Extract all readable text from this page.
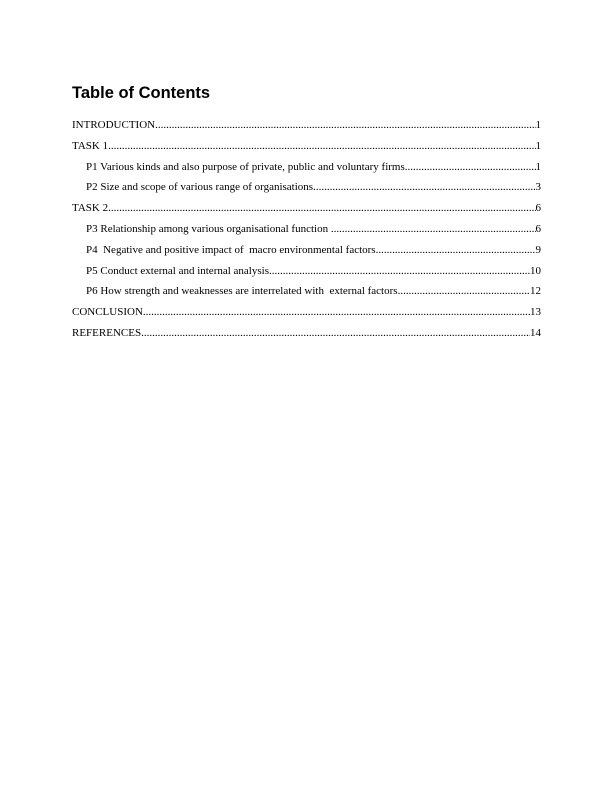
Table of Contents
INTRODUCTION .....	1
TASK 1 .....	1
P1 Various kinds and also purpose of private, public and voluntary firms .....	1
P2 Size and scope of various range of organisations .....	3
TASK 2 .....	6
P3 Relationship among various organisational function .....	6
P4  Negative and positive impact of  macro environmental factors .....	9
P5 Conduct external and internal analysis .....	10
P6 How strength and weaknesses are interrelated with  external factors .....	12
CONCLUSION .....	13
REFERENCES .....	14
